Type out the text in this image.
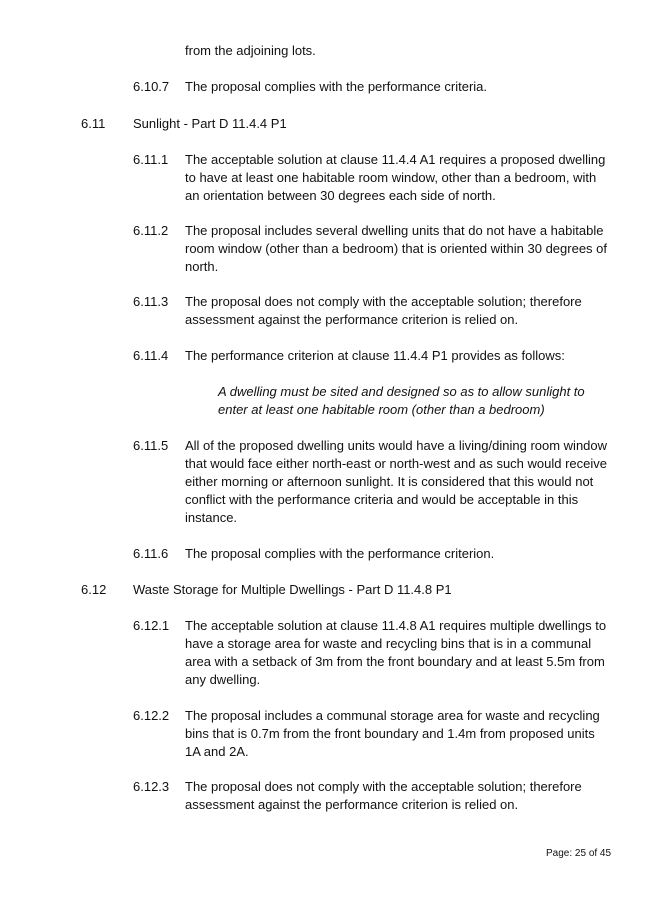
from the adjoining lots.

6.10.7 The proposal complies with the performance criteria.

6.11 Sunlight - Part D 11.4.4 P1

6.11.1 The acceptable solution at clause 11.4.4 A1 requires a proposed dwelling
to have at least one habitable room window, other than a bedroom, with
an orientation between 30 degrees each side of north.
6.11.2 The proposal includes several dwelling units that do not have a habitable
room window (other than a bedroom) that is oriented within 30 degrees of
north.
6.11.3 The proposal does not comply with the acceptable solution; therefore
assessment against the performance criterion is relied on.
6.11.4 The performance criterion at clause 11.4.4 P1 provides as follows:

A dwelling must be sited and designed so as to allow sunlight to
enter at least one habitable room (other than a bedroom)
6.11.5 All of the proposed dwelling units would have a living/dining room window
that would face either north-east or north-west and as such would receive
either morning or afternoon sunlight. It is considered that this would not
conflict with the performance criteria and would be acceptable in this
instance.
6.11.6 The proposal complies with the performance criterion.

6.12 Waste Storage for Multiple Dwellings - Part D 11.4.8 P1

6.12.1 The acceptable solution at clause 11.4.8 A1 requires multiple dwellings to
have a storage area for waste and recycling bins that is in a communal
area with a setback of 3m from the front boundary and at least 5.5m from
any dwelling.
6.12.2 The proposal includes a communal storage area for waste and recycling
bins that is 0.7m from the front boundary and 1.4m from proposed units
1A and 2A.
6.12.3 The proposal does not comply with the acceptable solution; therefore
assessment against the performance criterion is relied on.
Page: 25 of 45
